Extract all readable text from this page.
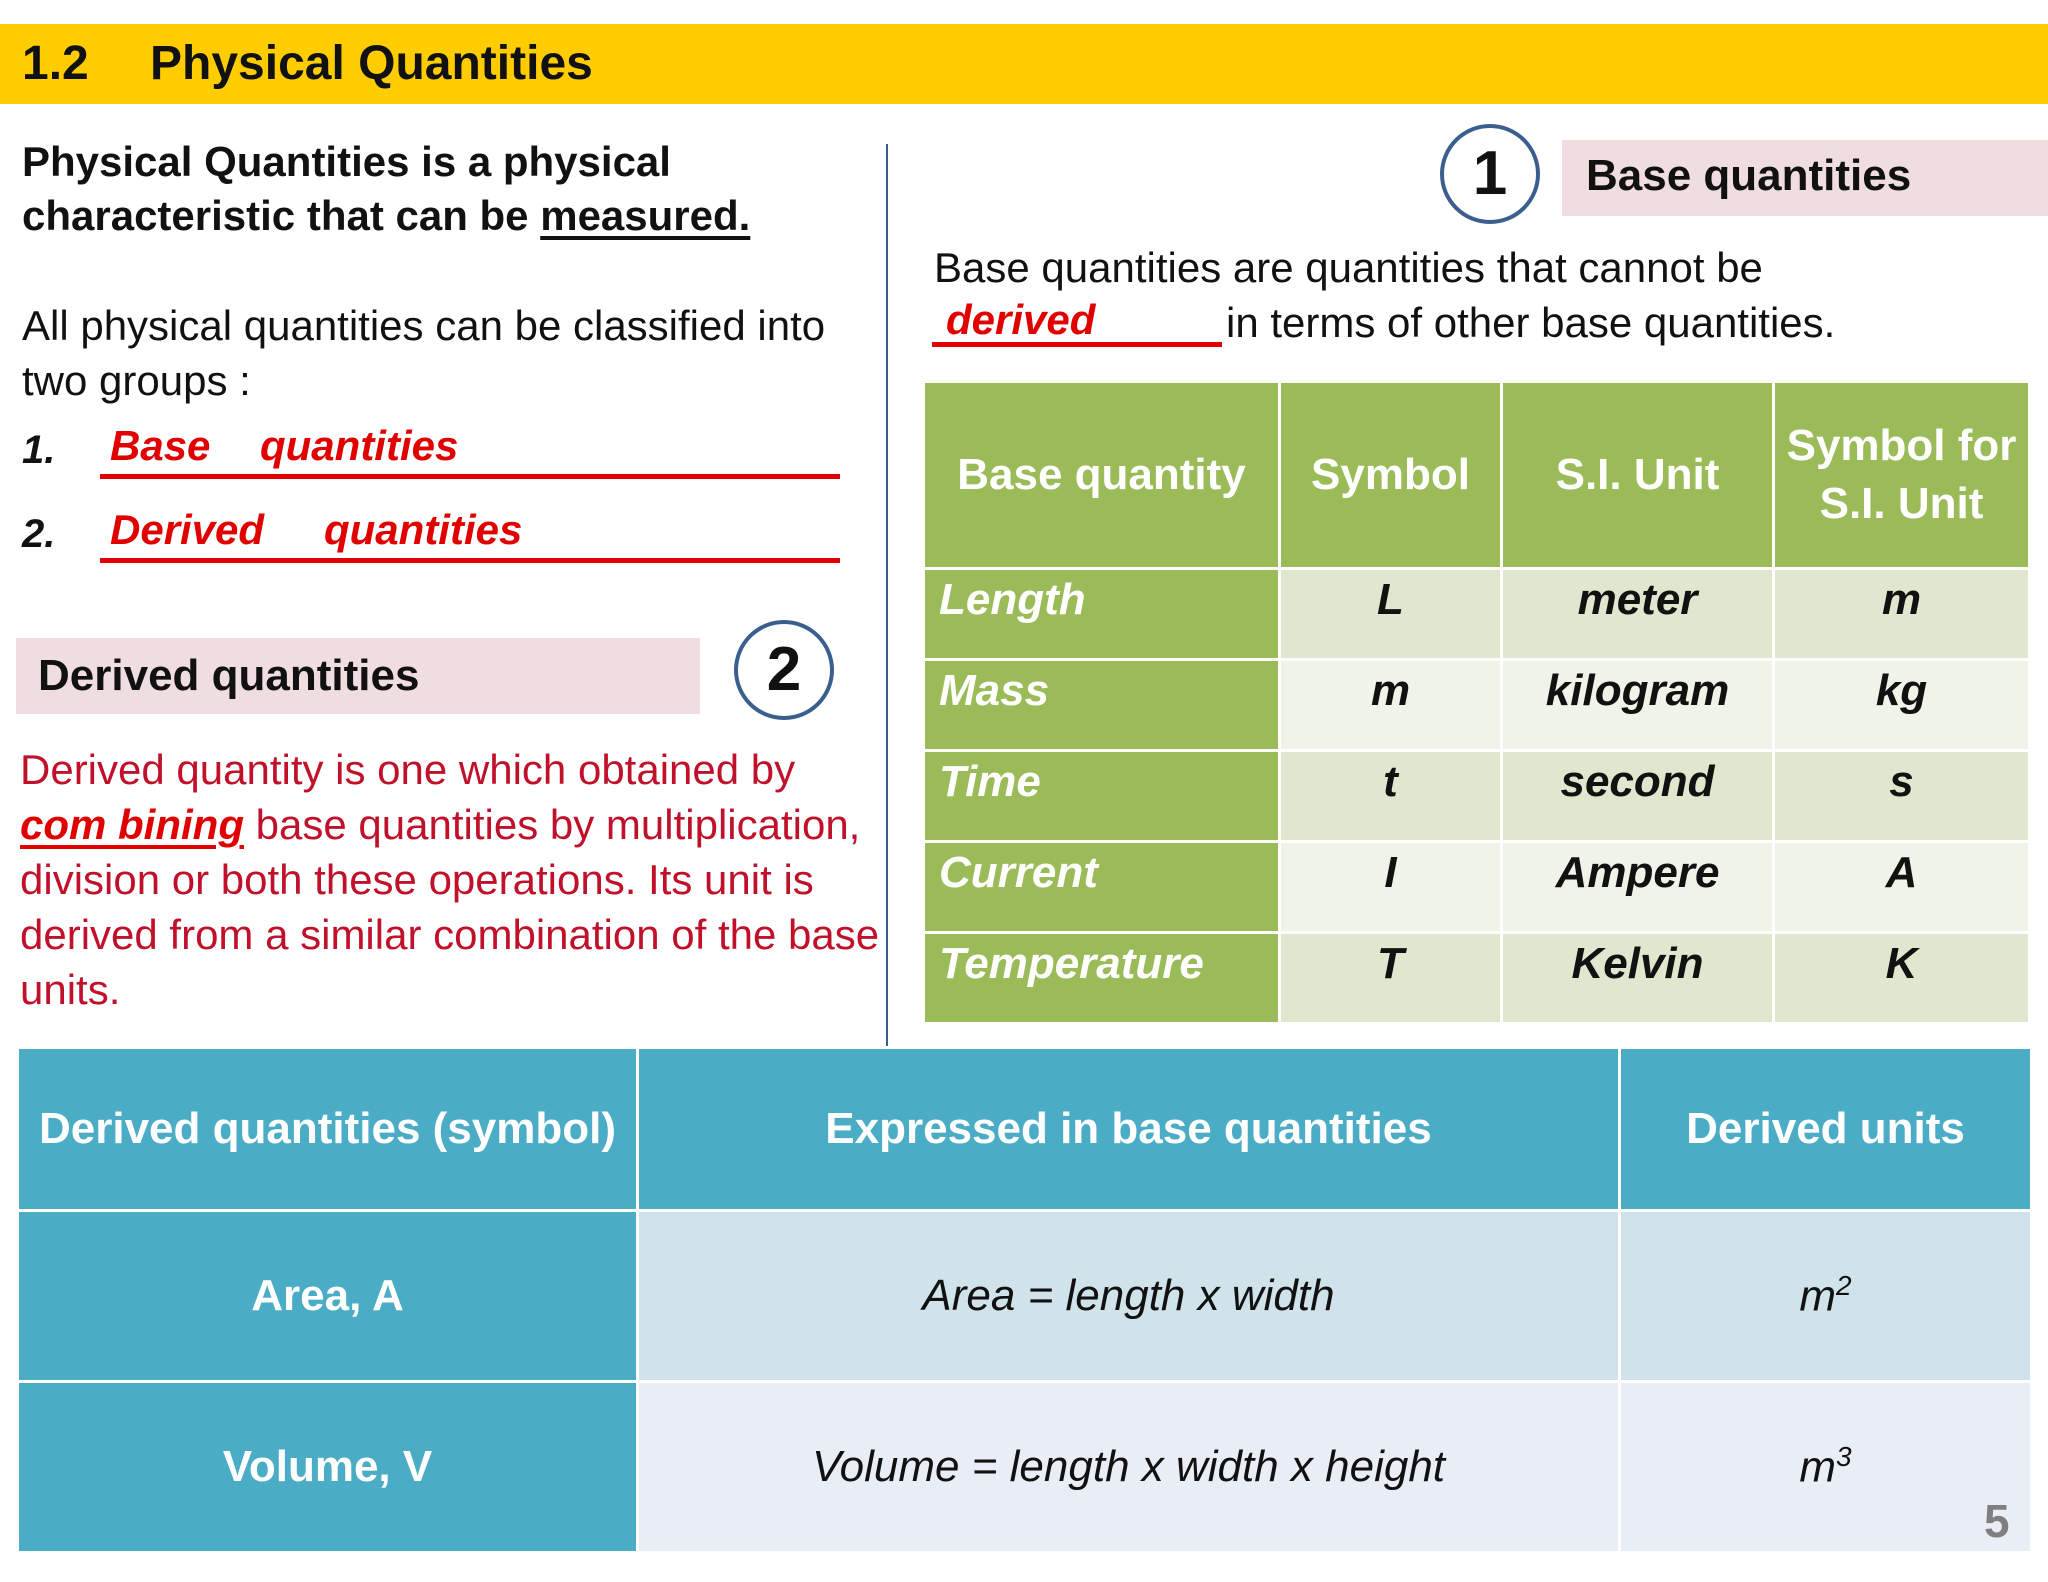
1.2 Physical Quantities
Physical Quantities is a physical characteristic that can be measured.
All physical quantities can be classified into two groups :
1. Base quantities
2. Derived quantities
Derived quantities	2
Derived quantity is one which obtained by
com bining base quantities by multiplication, division or both these operations. Its unit is derived from a similar combination of the base units.
1	Base quantities
Base quantities are quantities that cannot be
in terms of other base quantities.
derived
Base quantity	Symbol	S.I. Unit	Symbol for S.I. Unit
Length	L	meter	m
Mass	m	kilogram	kg
Time	t	second	s
Current	I	Ampere	A
Temperature	T	Kelvin	K
Derived quantities (symbol)	Expressed in base quantities	Derived units
Area, A	Area = length x width	$m^2$
Volume, V	Volume = length x width x height	$m^3$
5
